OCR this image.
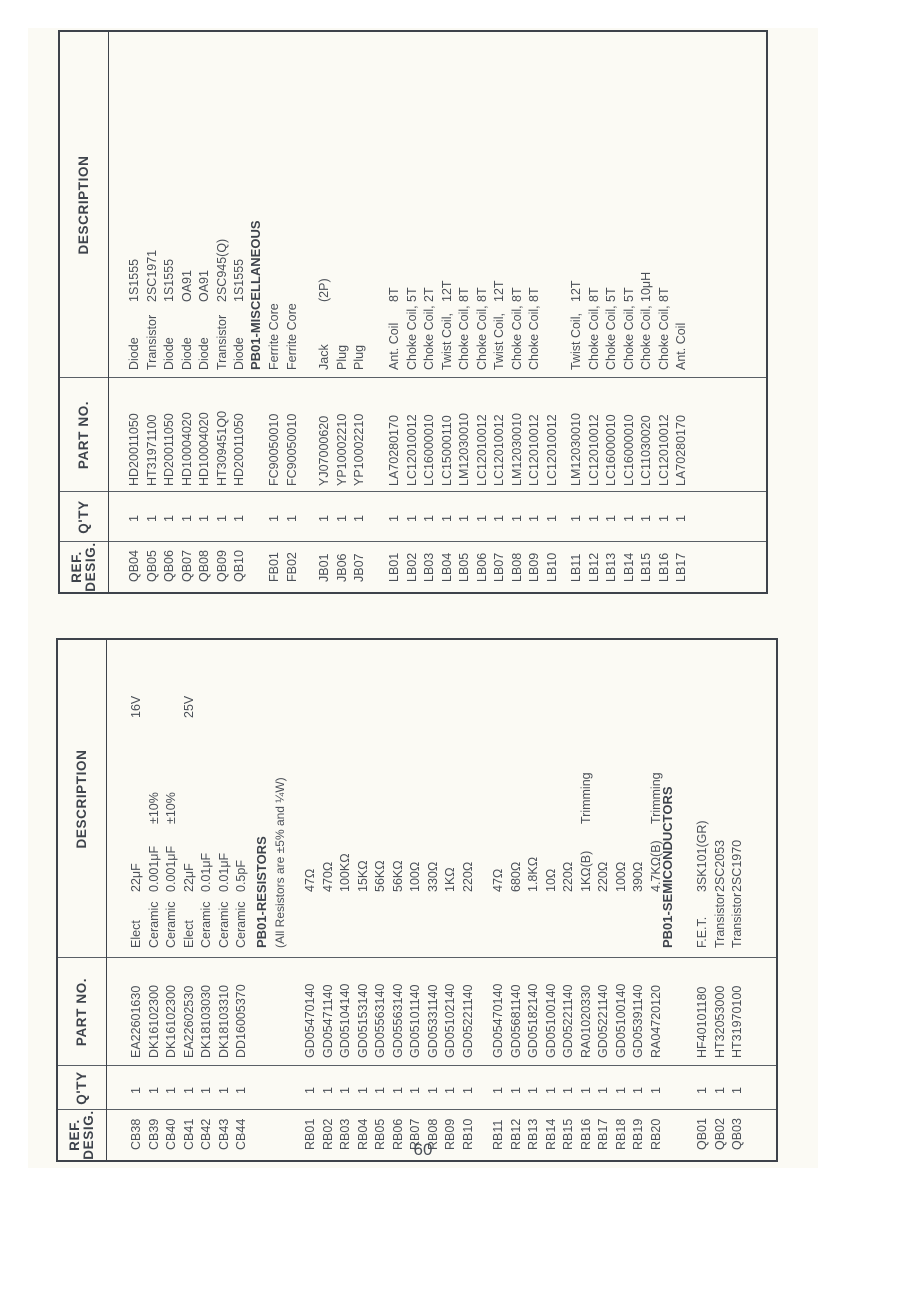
REF. DESIG.
Q'TY
PART NO.
DESCRIPTION
PB01-RESISTORS (All Resistors are ±5% and ¼W)	PB01-SEMICONDUCTORS
CB38
1
EA22601630
Elect
22μF
16V
CB39
1
DK16102300
Ceramic
0.001μF
±10%
CB40
1
DK16102300
Ceramic
0.001μF
±10%
CB41
1
EA22602530
Elect
22μF
25V
CB42
1
DK18103030
Ceramic
0.01μF
CB43
1
DK18103310
Ceramic
0.01μF
CB44
1
DD16005370
Ceramic
0.5pF
RB01
1
GD05470140
47Ω
RB02
1
GD05471140
470Ω
RB03
1
GD05104140
100KΩ
RB04
1
GD05153140
15KΩ
RB05
1
GD05563140
56KΩ
RB06
1
GD05563140
56KΩ
RB07
1
GD05101140
100Ω
RB08
1
GD05331140
330Ω
RB09
1
GD05102140
1KΩ
RB10
1
GD05221140
220Ω
RB11
1
GD05470140
47Ω
RB12
1
GD05681140
680Ω
RB13
1
GD05182140
1.8KΩ
RB14
1
GD05100140
10Ω
RB15
1
GD05221140
220Ω
RB16
1
RA01020330
1KΩ(B)
Trimming
RB17
1
GD05221140
220Ω
RB18
1
GD05100140
100Ω
RB19
1
GD05391140
390Ω
RB20
1
RA04720120
4.7KΩ(B)
Trimming
QB01
1
HF40101180
F.E.T.
3SK101(GR)
QB02
1
HT32053000
Transistor
2SC2053
QB03
1
HT31970100
Transistor
2SC1970
REF. DESIG.
Q'TY
PART NO.
DESCRIPTION
PB01-MISCELLANEOUS
QB04
1
HD20011050
Diode
1S1555
QB05
1
HT31971100
Transistor
2SC1971
QB06
1
HD20011050
Diode
1S1555
QB07
1
HD10004020
Diode
OA91
QB08
1
HD10004020
Diode
OA91
QB09
1
HT309451Q0
Transistor
2SC945(Q)
QB10
1
HD20011050
Diode
1S1555
FB01
1
FC90050010
Ferrite Core
FB02
1
FC90050010
Ferrite Core
JB01
1
YJ07000620
Jack
(2P)
JB06
1
YP10002210
Plug
JB07
1
YP10002210
Plug
LB01
1
LA70280170
Ant. Coil
8T
LB02
1
LC12010012
Choke Coil,
5T
LB03
1
LC16000010
Choke Coil,
2T
LB04
1
LC15000110
Twist Coil,
12T
LB05
1
LM12030010
Choke Coil,
8T
LB06
1
LC12010012
Choke Coil,
8T
LB07
1
LC12010012
Twist Coil,
12T
LB08
1
LM12030010
Choke Coil,
8T
LB09
1
LC12010012
Choke Coil,
8T
LB10
1
LC12010012
LB11
1
LM12030010
Twist Coil,
12T
LB12
1
LC12010012
Choke Coil,
8T
LB13
1
LC16000010
Choke Coil,
5T
LB14
1
LC16000010
Choke Coil,
5T
LB15
1
LC11030020
Choke Coil,
10μH
LB16
1
LC12010012
Choke Coil,
8T
LB17
1
LA70280170
Ant. Coil
60
